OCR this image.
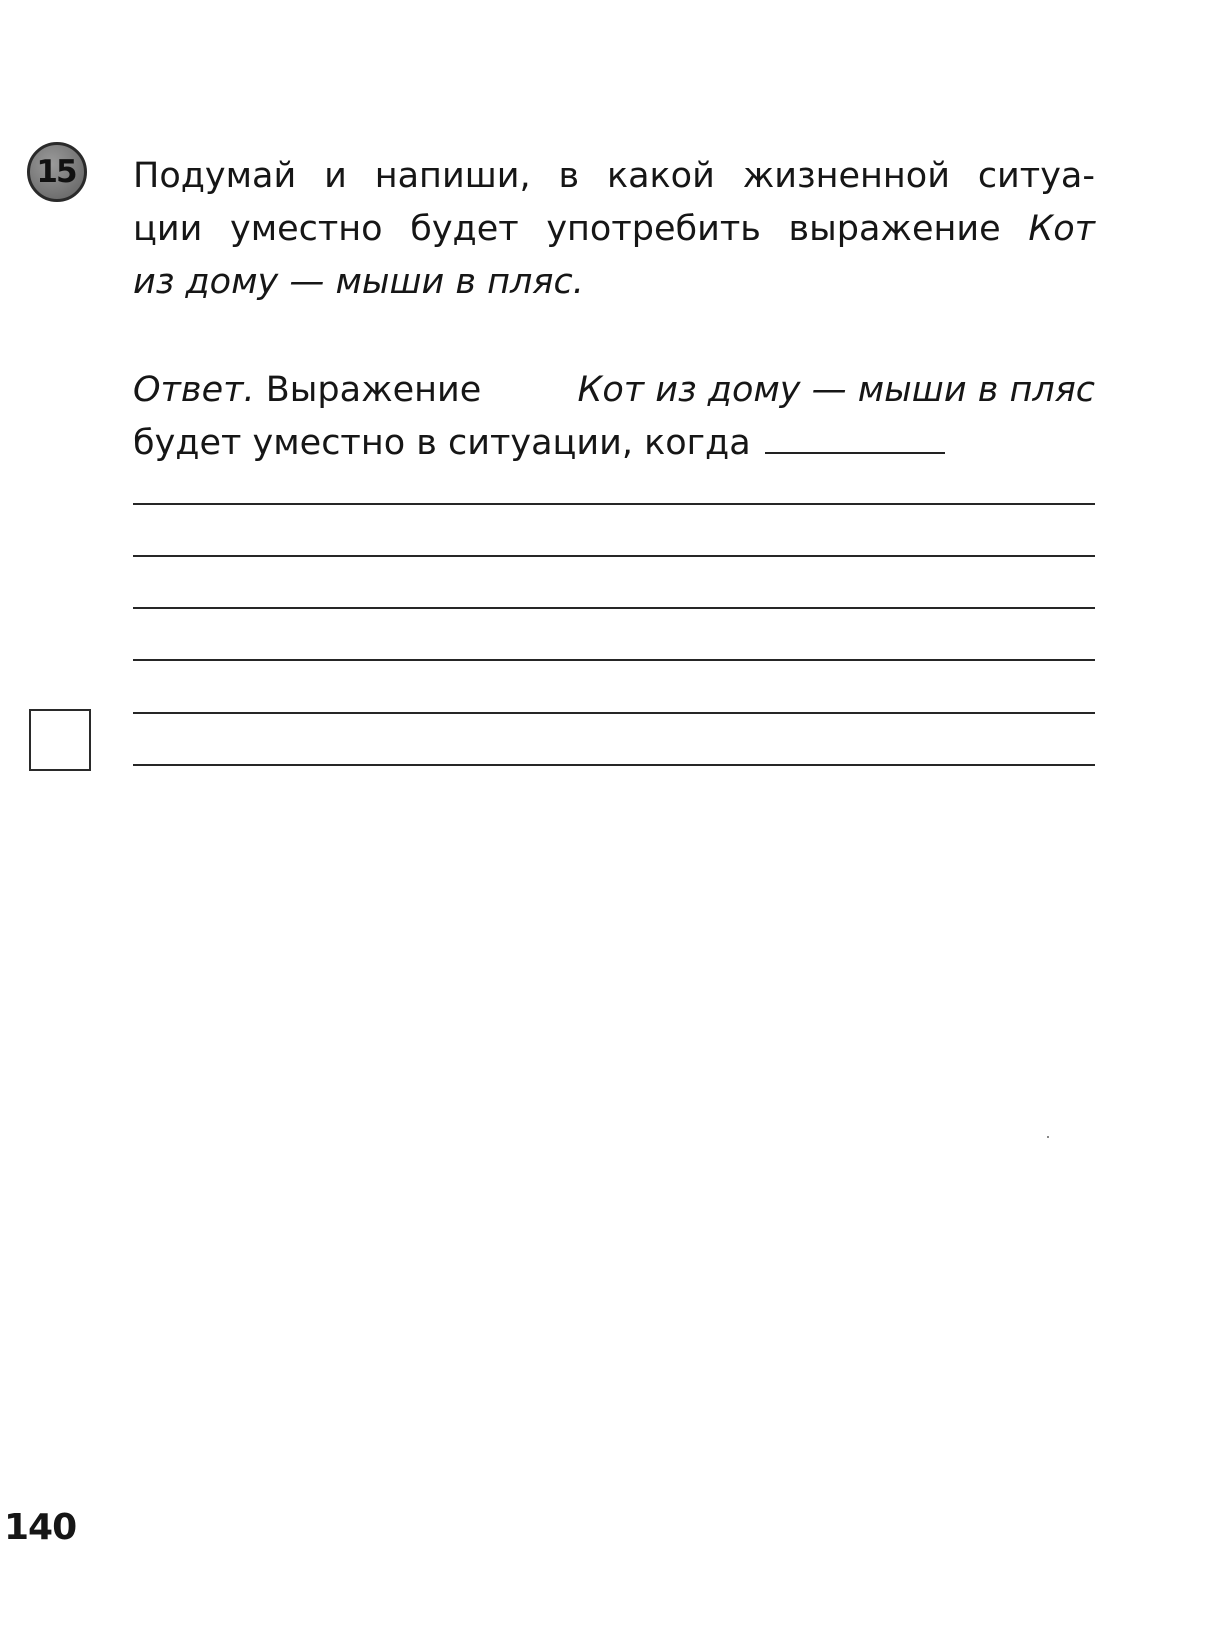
15 Подумай и напиши, в какой жизненной ситуа-
ции уместно будет употребить выражение Кот
из дому — мыши в пляс.
Ответ. Выражение	Кот из дому — мыши в пляс
будет уместно в ситуации, когда
140
